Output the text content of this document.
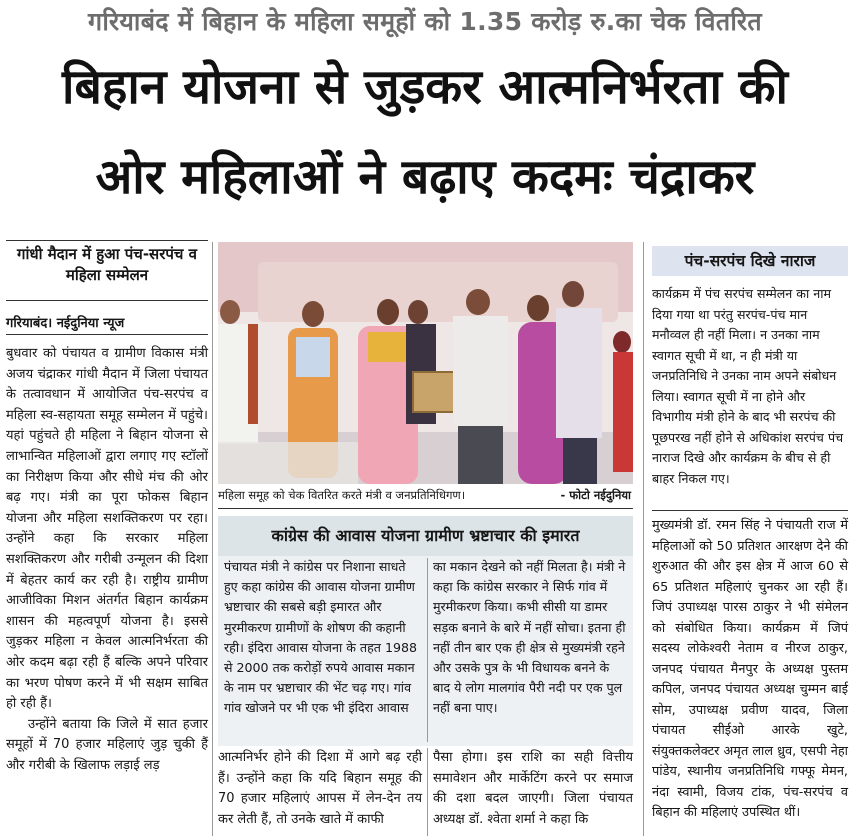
गरियाबंद में बिहान के महिला समूहों को 1.35 करोड़ रु.का चेक वितरित
बिहान योजना से जुड़कर आत्मनिर्भरता की
ओर महिलाओं ने बढ़ाए कदमः चंद्राकर
गांधी मैदान में हुआ पंच-सरपंच व महिला सम्मेलन
गरियाबंद। नईदुनिया न्यूज

बुधवार को पंचायत व ग्रामीण विकास मंत्री अजय चंद्राकर गांधी मैदान में जिला पंचायत के तत्वावधान में आयोजित पंच-सरपंच व महिला स्व-सहायता समूह सम्मेलन में पहुंचे। यहां पहुंचते ही महिला ने बिहान योजना से लाभान्वित महिलाओं द्वारा लगाए गए स्टॉलों का निरीक्षण किया और सीधे मंच की ओर बढ़ गए। मंत्री का पूरा फोकस बिहान योजना और महिला सशक्तिकरण पर रहा। उन्होंने कहा कि सरकार महिला सशक्तिकरण और गरीबी उन्मूलन की दिशा में बेहतर कार्य कर रही है। राष्ट्रीय ग्रामीण आजीविका मिशन अंतर्गत बिहान कार्यक्रम शासन की महत्वपूर्ण योजना है। इससे जुड़कर महिला न केवल आत्मनिर्भरता की ओर कदम बढ़ा रही हैं बल्कि अपने परिवार का भरण पोषण करने में भी सक्षम साबित हो रही हैं।

उन्होंने बताया कि जिले में सात हजार समूहों में 70 हजार महिलाएं जुड़ चुकी हैं और गरीबी के खिलाफ लड़ाई लड़

महिला समूह को चेक वितरित करते मंत्री व जनप्रतिनिधिगण।	- फोटो नईदुनिया
कांग्रेस की आवास योजना ग्रामीण भ्रष्टाचार की इमारत
पंचायत मंत्री ने कांग्रेस पर निशाना साधते हुए कहा कांग्रेस की आवास योजना ग्रामीण भ्रष्टाचार की सबसे बड़ी इमारत और मुरमीकरण ग्रामीणों के शोषण की कहानी रही। इंदिरा आवास योजना के तहत 1988 से 2000 तक करोड़ों रुपये आवास मकान के नाम पर भ्रष्टाचार की भेंट चढ़ गए। गांव गांव खोजने पर भी एक भी इंदिरा आवास
का मकान देखने को नहीं मिलता है। मंत्री ने कहा कि कांग्रेस सरकार ने सिर्फ गांव में मुरमीकरण किया। कभी सीसी या डामर सड़क बनाने के बारे में नहीं सोचा। इतना ही नहीं तीन बार एक ही क्षेत्र से मुख्यमंत्री रहने और उसके पुत्र के भी विधायक बनने के बाद ये लोग मालगांव पैरी नदी पर एक पुल नहीं बना पाए।
आत्मनिर्भर होने की दिशा में आगे बढ़ रही हैं। उन्होंने कहा कि यदि बिहान समूह की 70 हजार महिलाएं आपस में लेन-देन तय कर लेती हैं, तो उनके खाते में काफी
पैसा होगा। इस राशि का सही वित्तीय समावेशन और मार्केटिंग करने पर समाज की दशा बदल जाएगी। जिला पंचायत अध्यक्ष डॉ. श्वेता शर्मा ने कहा कि
पंच-सरपंच दिखे नाराज
कार्यक्रम में पंच सरपंच सम्मेलन का नाम दिया गया था परंतु सरपंच-पंच मान मनौव्वल ही नहीं मिला। न उनका नाम स्वागत सूची में था, न ही मंत्री या जनप्रतिनिधि ने उनका नाम अपने संबोधन लिया। स्वागत सूची में ना होने और विभागीय मंत्री होने के बाद भी सरपंच की पूछपरख नहीं होने से अधिकांश सरपंच पंच नाराज दिखे और कार्यक्रम के बीच से ही बाहर निकल गए।
मुख्यमंत्री डॉ. रमन सिंह ने पंचायती राज में महिलाओं को 50 प्रतिशत आरक्षण देने की शुरुआत की और इस क्षेत्र में आज 60 से 65 प्रतिशत महिलाएं चुनकर आ रही हैं। जिपं उपाध्यक्ष पारस ठाकुर ने भी संमेलन को संबोधित किया। कार्यक्रम में जिपं सदस्य लोकेश्वरी नेताम व नीरज ठाकुर, जनपद पंचायत मैनपुर के अध्यक्ष पुस्तम कपिल, जनपद पंचायत अध्यक्ष चुम्मन बाई सोम, उपाध्यक्ष प्रवीण यादव, जिला पंचायत सीईओ आरके खुटे, संयुक्तकलेक्टर अमृत लाल ध्रुव, एसपी नेहा पांडेय, स्थानीय जनप्रतिनिधि गफ्फू मेमन, नंदा स्वामी, विजय टांक, पंच-सरपंच व बिहान की महिलाएं उपस्थित थीं।
